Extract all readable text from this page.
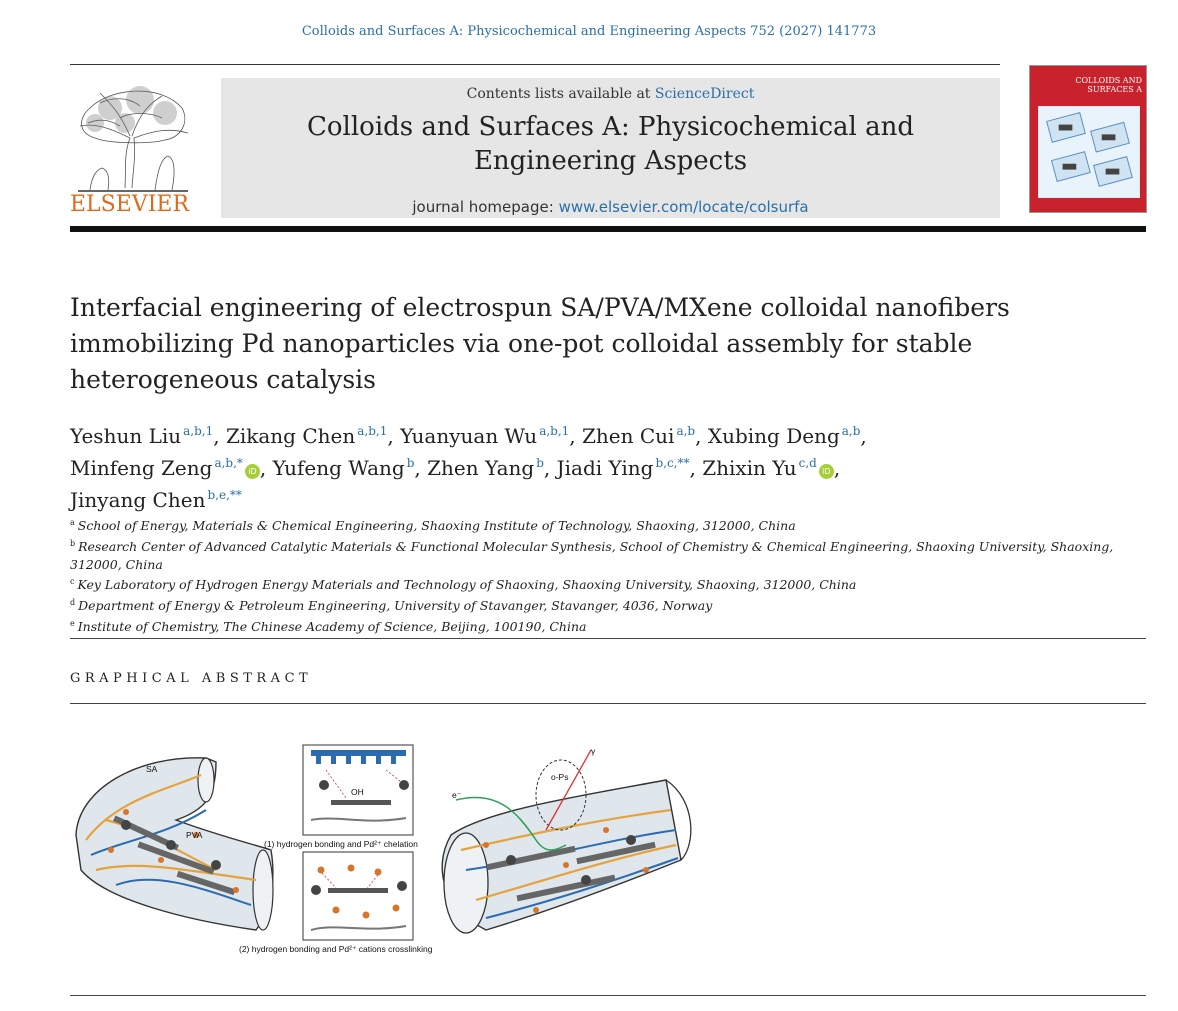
Colloids and Surfaces A: Physicochemical and Engineering Aspects 752 (2027) 141773
ELSEVIER
Contents lists available at ScienceDirect
Colloids and Surfaces A: Physicochemical and
Engineering Aspects
journal homepage: www.elsevier.com/locate/colsurfa
COLLOIDS AND
SURFACES A
Interfacial engineering of electrospun SA/PVA/MXene colloidal nanofibers
immobilizing Pd nanoparticles via one-pot colloidal assembly for stable
heterogeneous catalysis
Yeshun Liu $^{a,b,1}$, Zikang Chen $^{a,b,1}$, Yuanyuan Wu $^{a,b,1}$, Zhen Cui $^{a,b}$, Xubing Deng $^{a,b}$,
Minfeng Zeng $^{a,b,*}$iD , Yufeng Wang $^b$, Zhen Yang $^b$, Jiadi Ying $^{b,c,**}$, Zhixin Yu $^{c,d}$iD ,
Jinyang Chen $^{b,e,**}$
$^a$ School of Energy, Materials & Chemical Engineering, Shaoxing Institute of Technology, Shaoxing, 312000, China
$^b$ Research Center of Advanced Catalytic Materials & Functional Molecular Synthesis, School of Chemistry & Chemical Engineering, Shaoxing University, Shaoxing,
312000, China
$^c$ Key Laboratory of Hydrogen Energy Materials and Technology of Shaoxing, Shaoxing University, Shaoxing, 312000, China
$^d$ Department of Energy & Petroleum Engineering, University of Stavanger, Stavanger, 4036, Norway
$^e$ Institute of Chemistry, The Chinese Academy of Science, Beijing, 100190, China
GRAPHICAL ABSTRACT
SA
PVA
OH
(1) hydrogen bonding and Pd²⁺ chelation
(2) hydrogen bonding and Pd²⁺ cations crosslinking
e⁻
o-Ps
γ
